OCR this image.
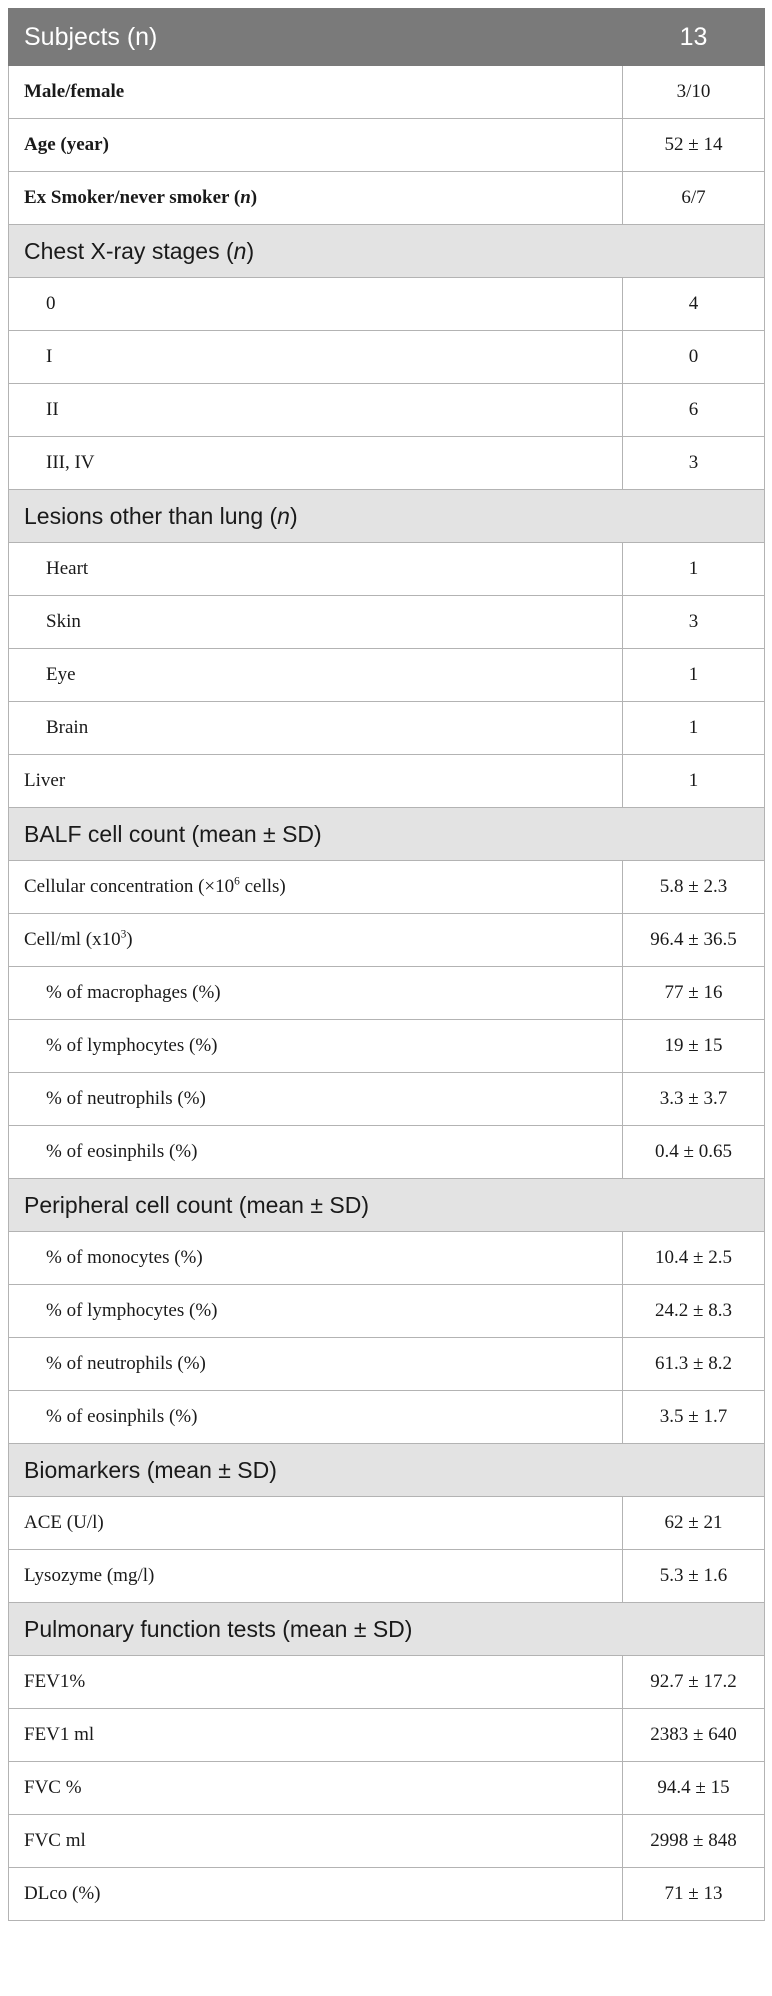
Subjects (n)	13
Male/female	3/10
Age (year)	52 ± 14
Ex Smoker/never smoker (n)	6/7
Chest X-ray stages (n)	
0	4
I	0
II	6
III, IV	3
Lesions other than lung (n)	
Heart	1
Skin	3
Eye	1
Brain	1
Liver	1
BALF cell count (mean ± SD)	
Cellular concentration ($\times 10^6$ cells)	5.8 ± 2.3
Cell/ml $(x10^3)$	96.4 ± 36.5
% of macrophages (%)	77 ± 16
% of lymphocytes (%)	19 ± 15
% of neutrophils (%)	3.3 ± 3.7
% of eosinphils (%)	0.4 ± 0.65
Peripheral cell count (mean ± SD)	
% of monocytes (%)	10.4 ± 2.5
% of lymphocytes (%)	24.2 ± 8.3
% of neutrophils (%)	61.3 ± 8.2
% of eosinphils (%)	3.5 ± 1.7
Biomarkers (mean ± SD)	
ACE (U/l)	62 ± 21
Lysozyme (mg/l)	5.3 ± 1.6
Pulmonary function tests (mean ± SD)	
FEV1%	92.7 ± 17.2
FEV1 ml	2383 ± 640
FVC %	94.4 ± 15
FVC ml	2998 ± 848
DLco (%)	71 ± 13
